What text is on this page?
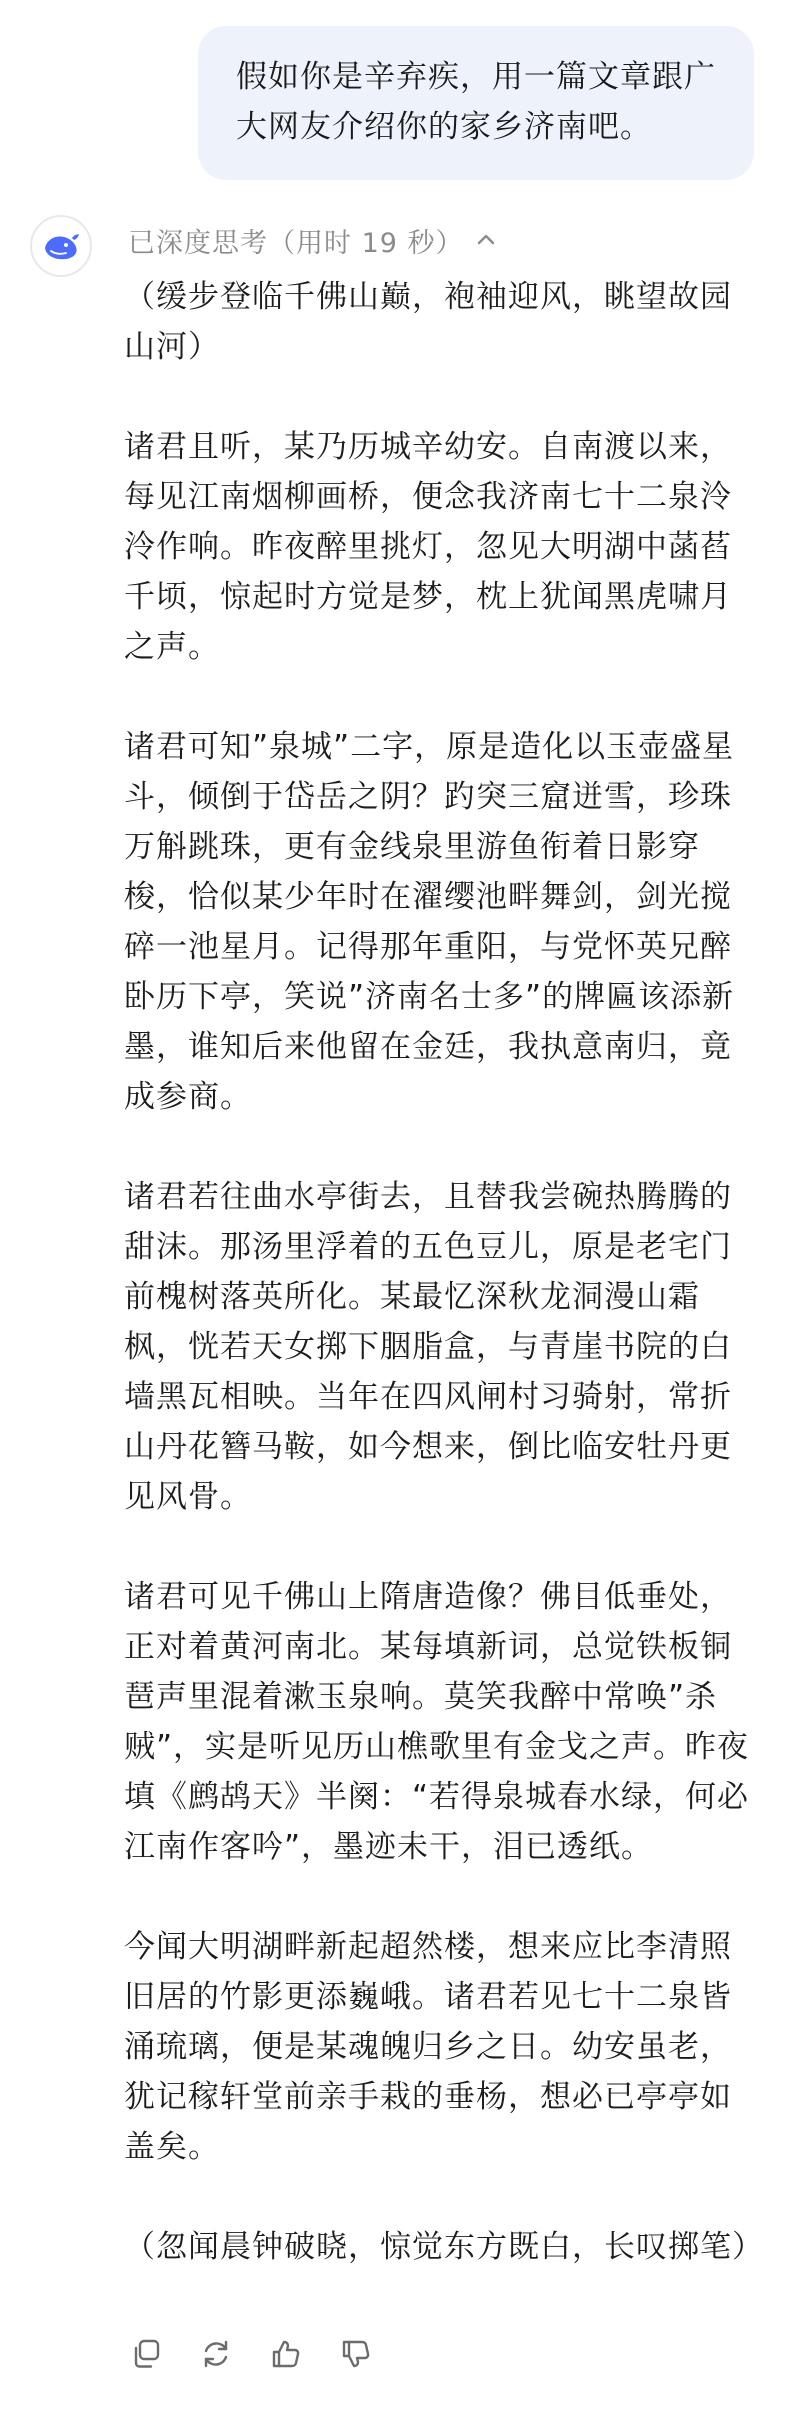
假如你是辛弃疾，用一篇文章跟广大网友介绍你的家乡济南吧。
已深度思考（用时 19 秒）

（缓步登临千佛山巅，袍袖迎风，眺望故园山河）

诸君且听，某乃历城辛幼安。自南渡以来，每见江南烟柳画桥，便念我济南七十二泉泠泠作响。昨夜醉里挑灯，忽见大明湖中菡萏千顷，惊起时方觉是梦，枕上犹闻黑虎啸月之声。

诸君可知”泉城”二字，原是造化以玉壶盛星斗，倾倒于岱岳之阴？趵突三窟迸雪，珍珠万斛跳珠，更有金线泉里游鱼衔着日影穿梭，恰似某少年时在濯缨池畔舞剑，剑光搅碎一池星月。记得那年重阳，与党怀英兄醉卧历下亭，笑说”济南名士多”的牌匾该添新墨，谁知后来他留在金廷，我执意南归，竟成参商。

诸君若往曲水亭街去，且替我尝碗热腾腾的甜沫。那汤里浮着的五色豆儿，原是老宅门前槐树落英所化。某最忆深秋龙洞漫山霜枫，恍若天女掷下胭脂盒，与青崖书院的白墙黑瓦相映。当年在四风闸村习骑射，常折山丹花簪马鞍，如今想来，倒比临安牡丹更见风骨。

诸君可见千佛山上隋唐造像？佛目低垂处，正对着黄河南北。某每填新词，总觉铁板铜琶声里混着漱玉泉响。莫笑我醉中常唤”杀贼”，实是听见历山樵歌里有金戈之声。昨夜填《鹧鸪天》半阕：“若得泉城春水绿，何必江南作客吟”，墨迹未干，泪已透纸。

今闻大明湖畔新起超然楼，想来应比李清照旧居的竹影更添巍峨。诸君若见七十二泉皆涌琉璃，便是某魂魄归乡之日。幼安虽老，犹记稼轩堂前亲手栽的垂杨，想必已亭亭如盖矣。

（忽闻晨钟破晓，惊觉东方既白，长叹掷笔）
